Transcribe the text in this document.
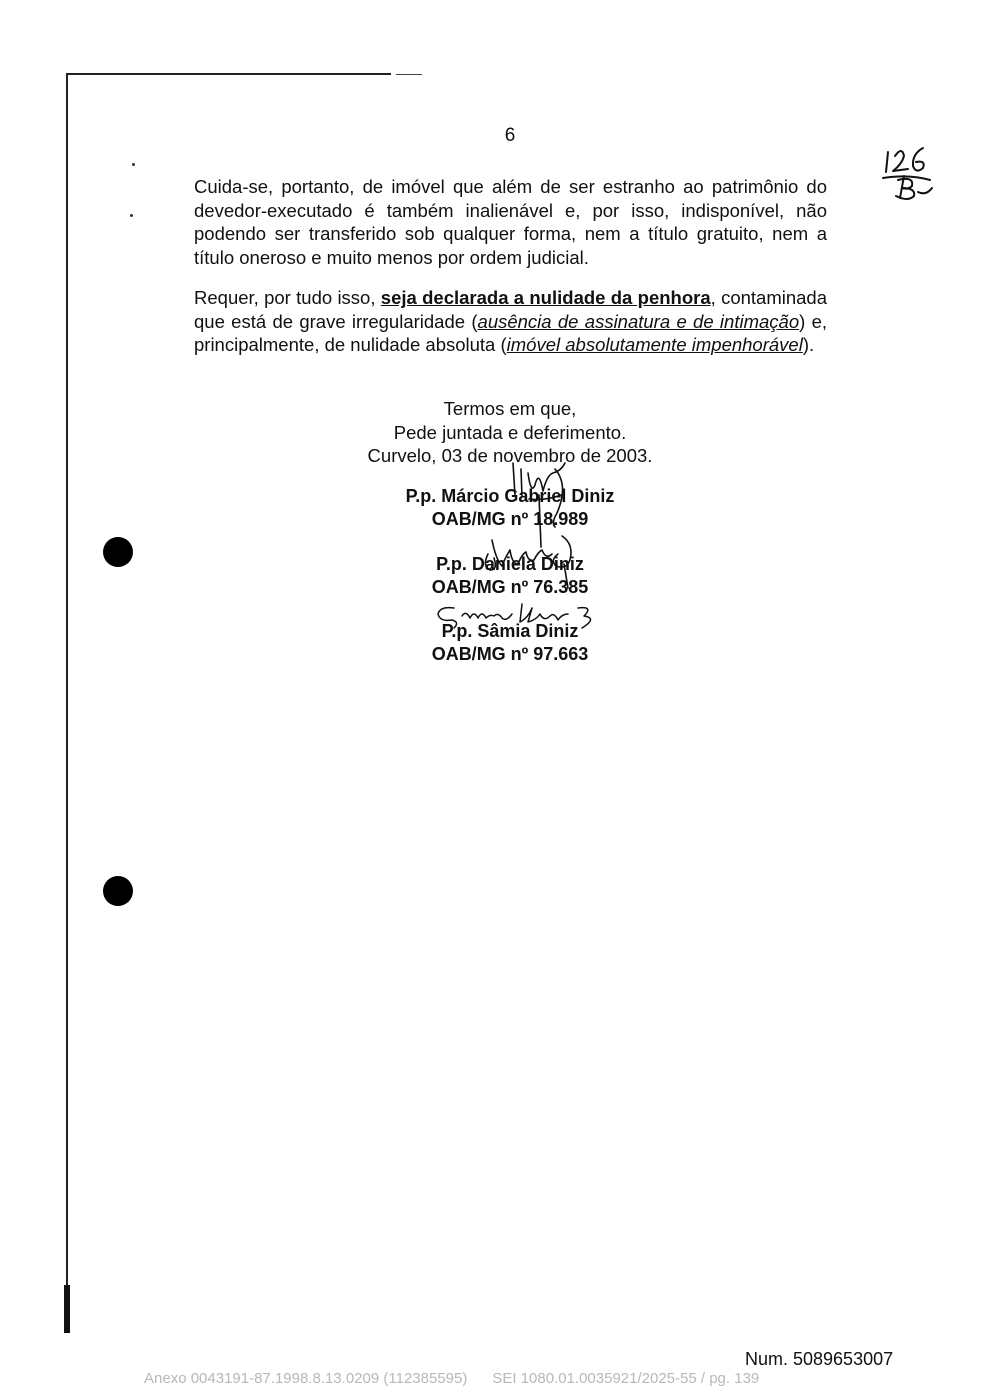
6

Cuida-se, portanto, de imóvel que além de ser estranho ao patrimônio do devedor-executado é também inalienável e, por isso, indisponível, não podendo ser transferido sob qualquer forma, nem a título gratuito, nem a título oneroso e muito menos por ordem judicial.

Requer, por tudo isso, seja declarada a nulidade da penhora, contaminada que está de grave irregularidade (ausência de assinatura e de intimação) e, principalmente, de nulidade absoluta (imóvel absolutamente impenhorável).

Termos em que,
Pede juntada e deferimento.
Curvelo, 03 de novembro de 2003.
P.p. Márcio Gabriel Diniz
OAB/MG nº 18.989
P.p. Daniela Diniz
OAB/MG nº 76.385
P.p. Sâmia Diniz
OAB/MG nº 97.663
Num. 5089653007
Anexo 0043191-87.1998.8.13.0209 (112385595) SEI 1080.01.0035921/2025-55 / pg. 139
